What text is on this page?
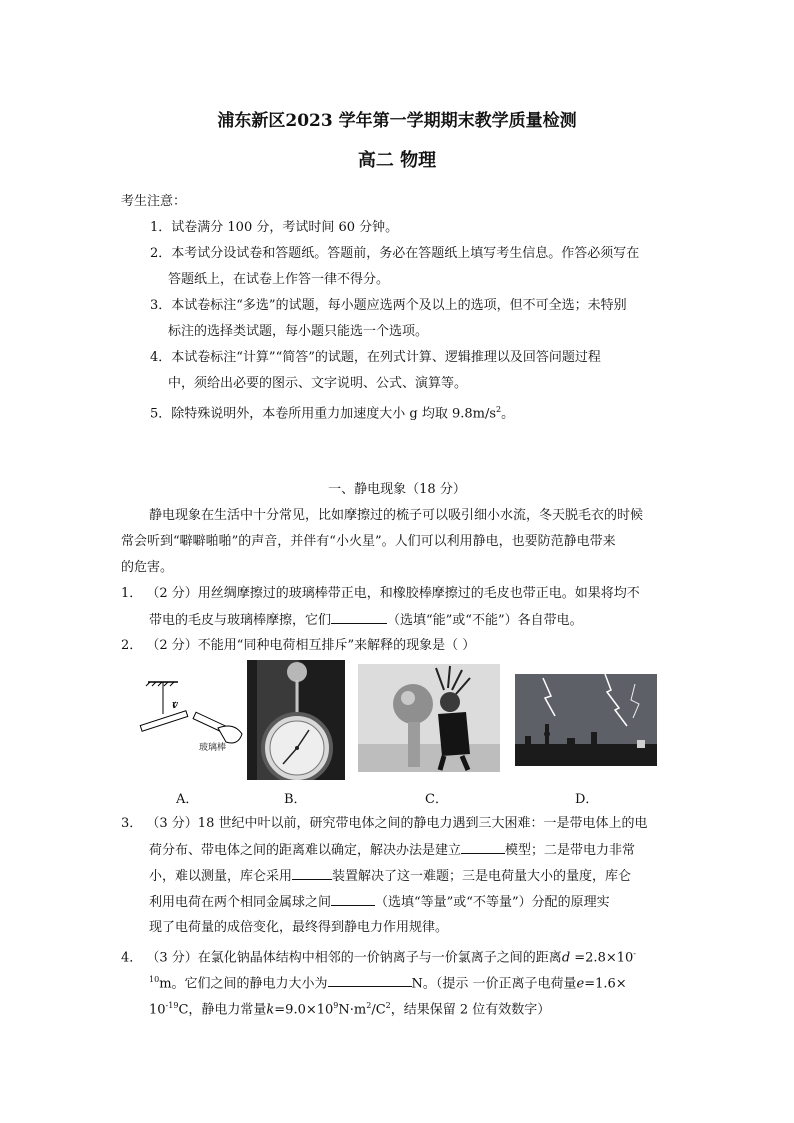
浦东新区2023 学年第一学期期末教学质量检测
高二 物理
考生注意：
1．试卷满分 100 分，考试时间 60 分钟。
2．本考试分设试卷和答题纸。答题前，务必在答题纸上填写考生信息。作答必须写在
答题纸上，在试卷上作答一律不得分。
3．本试卷标注“多选”的试题，每小题应选两个及以上的选项，但不可全选；未特别
标注的选择类试题，每小题只能选一个选项。
4．本试卷标注“计算”“简答”的试题，在列式计算、逻辑推理以及回答问题过程
中，须给出必要的图示、文字说明、公式、演算等。
5．除特殊说明外，本卷所用重力加速度大小 g 均取 $9.8m/s^2$。
一、静电现象（18 分）
静电现象在生活中十分常见，比如摩擦过的梳子可以吸引细小水流，冬天脱毛衣的时候
常会听到“噼噼啪啪”的声音，并伴有“小火星”。人们可以利用静电，也要防范静电带来
的危害。
1． （2 分）用丝绸摩擦过的玻璃棒带正电，和橡胶棒摩擦过的毛皮也带正电。如果将均不
带电的毛皮与玻璃棒摩擦，它们	（选填“能”或“不能”）各自带电。
2． （2 分）不能用“同种电荷相互排斥”来解释的现象是（ ）
v
玻璃棒
A．	B．	C．	D．
3． （3 分）18 世纪中叶以前，研究带电体之间的静电力遇到三大困难：一是带电体上的电
荷分布、带电体之间的距离难以确定，解决办法是建立	模型；二是带电力非常
小，难以测量，库仑采用	装置解决了这一难题；三是电荷量大小的量度，库仑
利用电荷在两个相同金属球之间	（选填“等量”或“不等量”）分配的原理实
现了电荷量的成倍变化，最终得到静电力作用规律。
4． （3 分）在氯化钠晶体结构中相邻的一价钠离子与一价氯离子之间的距离d =2.8×10-
$^{10}$m。它们之间的静电力大小为	N。（提示 一价正离子电荷量e=1.6×
$10^{-19}C$，静电力常量$k=9.0\times 10^9N\cdot m^2/C^2$，结果保留 2 位有效数字）
